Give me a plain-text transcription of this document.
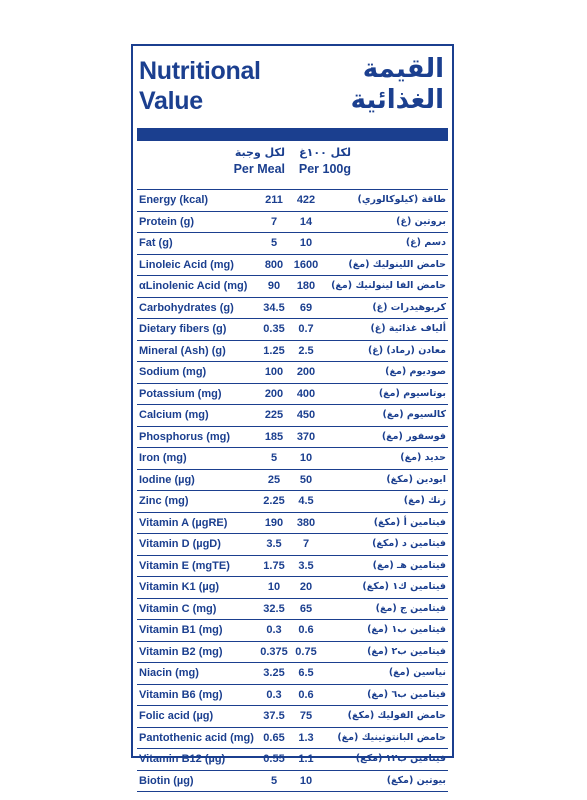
Nutritional
Value
القيمة
الغذائية
لكل وجبة
Per Meal
لكل ١٠٠غ
Per 100g
Energy (kcal)	211	422	طاقة (كيلوكالوري)
Protein (g)	7	14	بروتين (غ)
Fat (g)	5	10	دسم (غ)
Linoleic Acid (mg)	800 1600	حامض اللينوليك (مغ)
αLinolenic Acid (mg)	90	180	حامض الفا لينولنيك (مغ)
Carbohydrates (g)	34.5	69	كربوهيدرات (غ)
Dietary fibers (g)	0.35	0.7	ألياف غذائية (غ)
Mineral (Ash) (g)	1.25	2.5	معادن (رماد) (غ)
Sodium (mg)	100	200	صوديوم (مغ)
Potassium (mg)	200	400	بوتاسيوم (مغ)
Calcium (mg)	225	450	كالسيوم (مغ)
Phosphorus (mg)	185	370	فوسفور (مغ)
Iron (mg)	5	10	حديد (مغ)
Iodine (µg)	25	50	ايودين (مكغ)
Zinc (mg)	2.25	4.5	زنك (مغ)
Vitamin A (µgRE)	190	380	فيتامين أ (مكغ)
Vitamin D (µgD)	3.5	7	فيتامين د (مكغ)
Vitamin E (mgTE)	1.75	3.5	فيتامين هـ (مغ)
Vitamin K1 (µg)	10	20	فيتامين ك١ (مكغ)
Vitamin C (mg)	32.5	65	فيتامين ج (مغ)
Vitamin B1 (mg)	0.3	0.6	فيتامين ب١ (مغ)
Vitamin B2 (mg)	0.375 0.75	فيتامين ب٢ (مغ)
Niacin (mg)	3.25	6.5	نياسين (مغ)
Vitamin B6 (mg)	0.3	0.6	فيتامين ب٦ (مغ)
Folic acid (µg)	37.5	75	حامض الفوليك (مكغ)
Pantothenic acid (mg) 0.65	1.3	حامض البانتوثينيك (مغ)
Vitamin B12 (µg)	0.55	1.1	فيتامين ب١٢ (مكغ)
Biotin (µg)	5	10	بيوتين (مكغ)
